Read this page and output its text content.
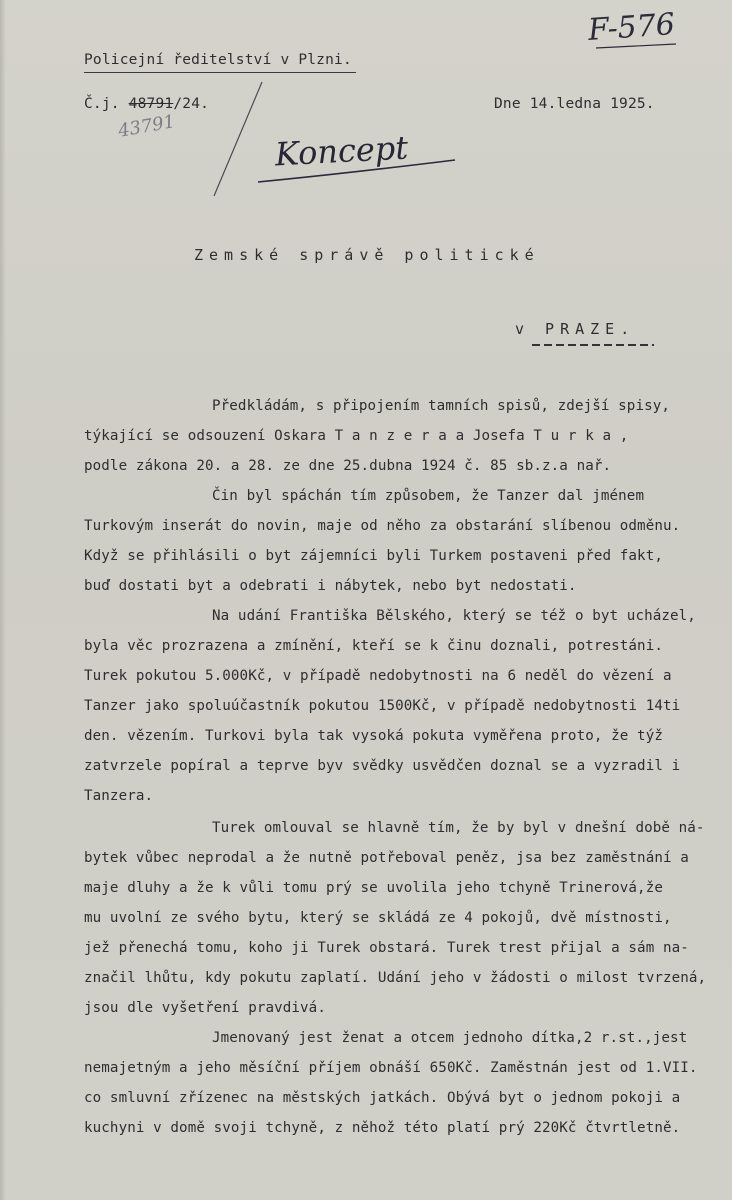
F-576
43791
Koncept
Policejní ředitelství v Plzni.
Č.j. 48791/24.	Dne 14.ledna 1925.
Zemské správě politické
v PRAZE.
Předkládám, s připojením tamních spisů, zdejší spisy,
týkající se odsouzení Oskara T a n z e r a a Josefa T u r k a ,
podle zákona 20. a 28. ze dne 25.dubna 1924 č. 85 sb.z.a nař.
Čin byl spáchán tím způsobem, že Tanzer dal jménem
Turkovým inserát do novin, maje od něho za obstarání slíbenou odměnu.
Když se přihlásili o byt zájemníci byli Turkem postaveni před fakt,
buď dostati byt a odebrati i nábytek, nebo byt nedostati.
Na udání Františka Bělského, který se též o byt ucházel,
byla věc prozrazena a zmínění, kteří se k činu doznali, potrestáni.
Turek pokutou 5.000Kč, v případě nedobytnosti na 6 neděl do vězení a
Tanzer jako spoluúčastník pokutou 1500Kč, v případě nedobytnosti 14ti
den. vězením. Turkovi byla tak vysoká pokuta vyměřena proto, že týž
zatvrzele popíral a teprve byv svědky usvědčen doznal se a vyzradil i
Tanzera.
Turek omlouval se hlavně tím, že by byl v dnešní době ná-
bytek vůbec neprodal a že nutně potřeboval peněz, jsa bez zaměstnání a
maje dluhy a že k vůli tomu prý se uvolila jeho tchyně Trinerová,že
mu uvolní ze svého bytu, který se skládá ze 4 pokojů, dvě místnosti,
jež přenechá tomu, koho ji Turek obstará. Turek trest přijal a sám na-
značil lhůtu, kdy pokutu zaplatí. Udání jeho v žádosti o milost tvrzená,
jsou dle vyšetření pravdivá.
Jmenovaný jest ženat a otcem jednoho dítka,2 r.st.,jest
nemajetným a jeho měsíční příjem obnáší 650Kč. Zaměstnán jest od 1.VII.
co smluvní zřízenec na městských jatkách. Obývá byt o jednom pokoji a
kuchyni v domě svoji tchyně, z něhož této platí prý 220Kč čtvrtletně.
